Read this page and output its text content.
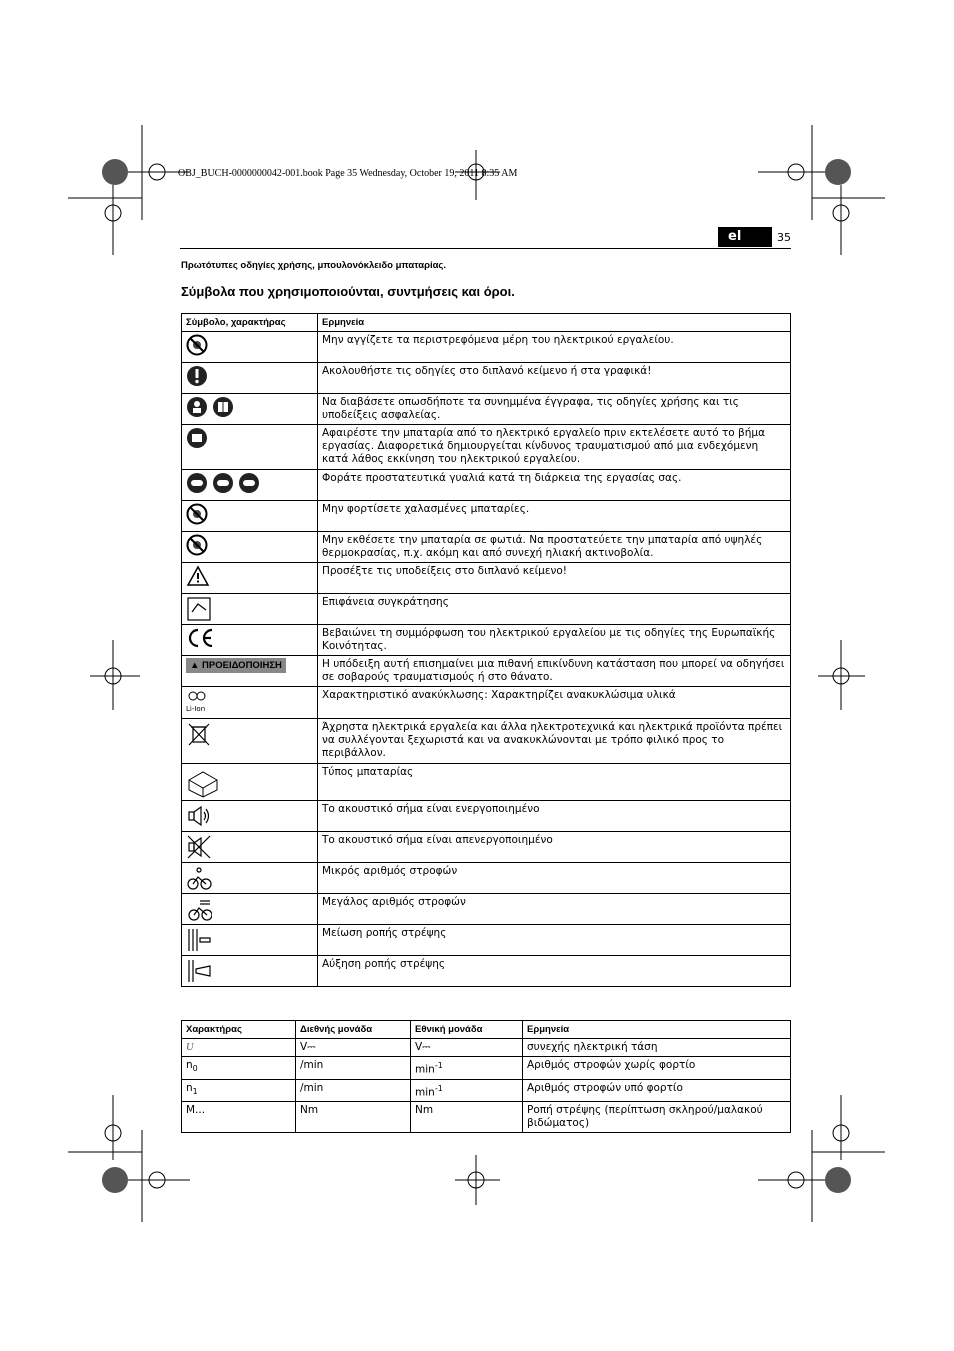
OBJ_BUCH-0000000042-001.book Page 35 Wednesday, October 19, 2011 8:35 AM
el	35
Πρωτότυπες οδηγίες χρήσης, μπουλονόκλειδο μπαταρίας.
Σύμβολα που χρησιμοποιούνται, συντμήσεις και όροι.
Σύμβολο, χαρακτήρας	Ερμηνεία
	Μην αγγίζετε τα περιστρεφόμενα μέρη του ηλεκτρικού εργαλείου.
	Ακολουθήστε τις οδηγίες στο διπλανό κείμενο ή στα γραφικά!
	Να διαβάσετε οπωσδήποτε τα συνημμένα έγγραφα, τις οδηγίες χρήσης και τις υποδείξεις ασφαλείας.
	Αφαιρέστε την μπαταρία από το ηλεκτρικό εργαλείο πριν εκτελέσετε αυτό το βήμα εργασίας. Διαφορετικά δημιουργείται κίνδυνος τραυματισμού από μια ενδεχόμενη κατά λάθος εκκίνηση του ηλεκτρικού εργαλείου.
	Φοράτε προστατευτικά γυαλιά κατά τη διάρκεια της εργασίας σας.
	Μην φορτίσετε χαλασμένες μπαταρίες.
	Μην εκθέσετε την μπαταρία σε φωτιά. Να προστατεύετε την μπαταρία από υψηλές θερμοκρασίας, π.χ. ακόμη και από συνεχή ηλιακή ακτινοβολία.
	Προσέξτε τις υποδείξεις στο διπλανό κείμενο!
	Επιφάνεια συγκράτησης
	Βεβαιώνει τη συμμόρφωση του ηλεκτρικού εργαλείου με τις οδηγίες της Ευρωπαϊκής Κοινότητας.
▲ ΠΡΟΕΙΔΟΠΟΙΗΣΗ	Η υπόδειξη αυτή επισημαίνει μια πιθανή επικίνδυνη κατάσταση που μπορεί να οδηγήσει σε σοβαρούς τραυματισμούς ή στο θάνατο.

Li-Ion	Χαρακτηριστικό ανακύκλωσης: Χαρακτηρίζει ανακυκλώσιμα υλικά
	Άχρηστα ηλεκτρικά εργαλεία και άλλα ηλεκτροτεχνικά και ηλεκτρικά προϊόντα πρέπει να συλλέγονται ξεχωριστά και να ανακυκλώνονται με τρόπο φιλικό προς το περιβάλλον.
	Τύπος μπαταρίας
	Το ακουστικό σήμα είναι ενεργοποιημένο
	Το ακουστικό σήμα είναι απενεργοποιημένο
	Μικρός αριθμός στροφών
	Μεγάλος αριθμός στροφών
	Μείωση ροπής στρέψης
	Αύξηση ροπής στρέψης
Χαρακτήρας	Διεθνής μονάδα	Εθνική μονάδα	Ερμηνεία
U	V⎓	V⎓	συνεχής ηλεκτρική τάση
$n_0$	/min	$\min^{-1}$	Αριθμός στροφών χωρίς φορτίο
$n_1$	/min	$\min^{-1}$	Αριθμός στροφών υπό φορτίο
M...	Nm	Nm	Ροπή στρέψης (περίπτωση σκληρού/μαλακού βιδώματος)
